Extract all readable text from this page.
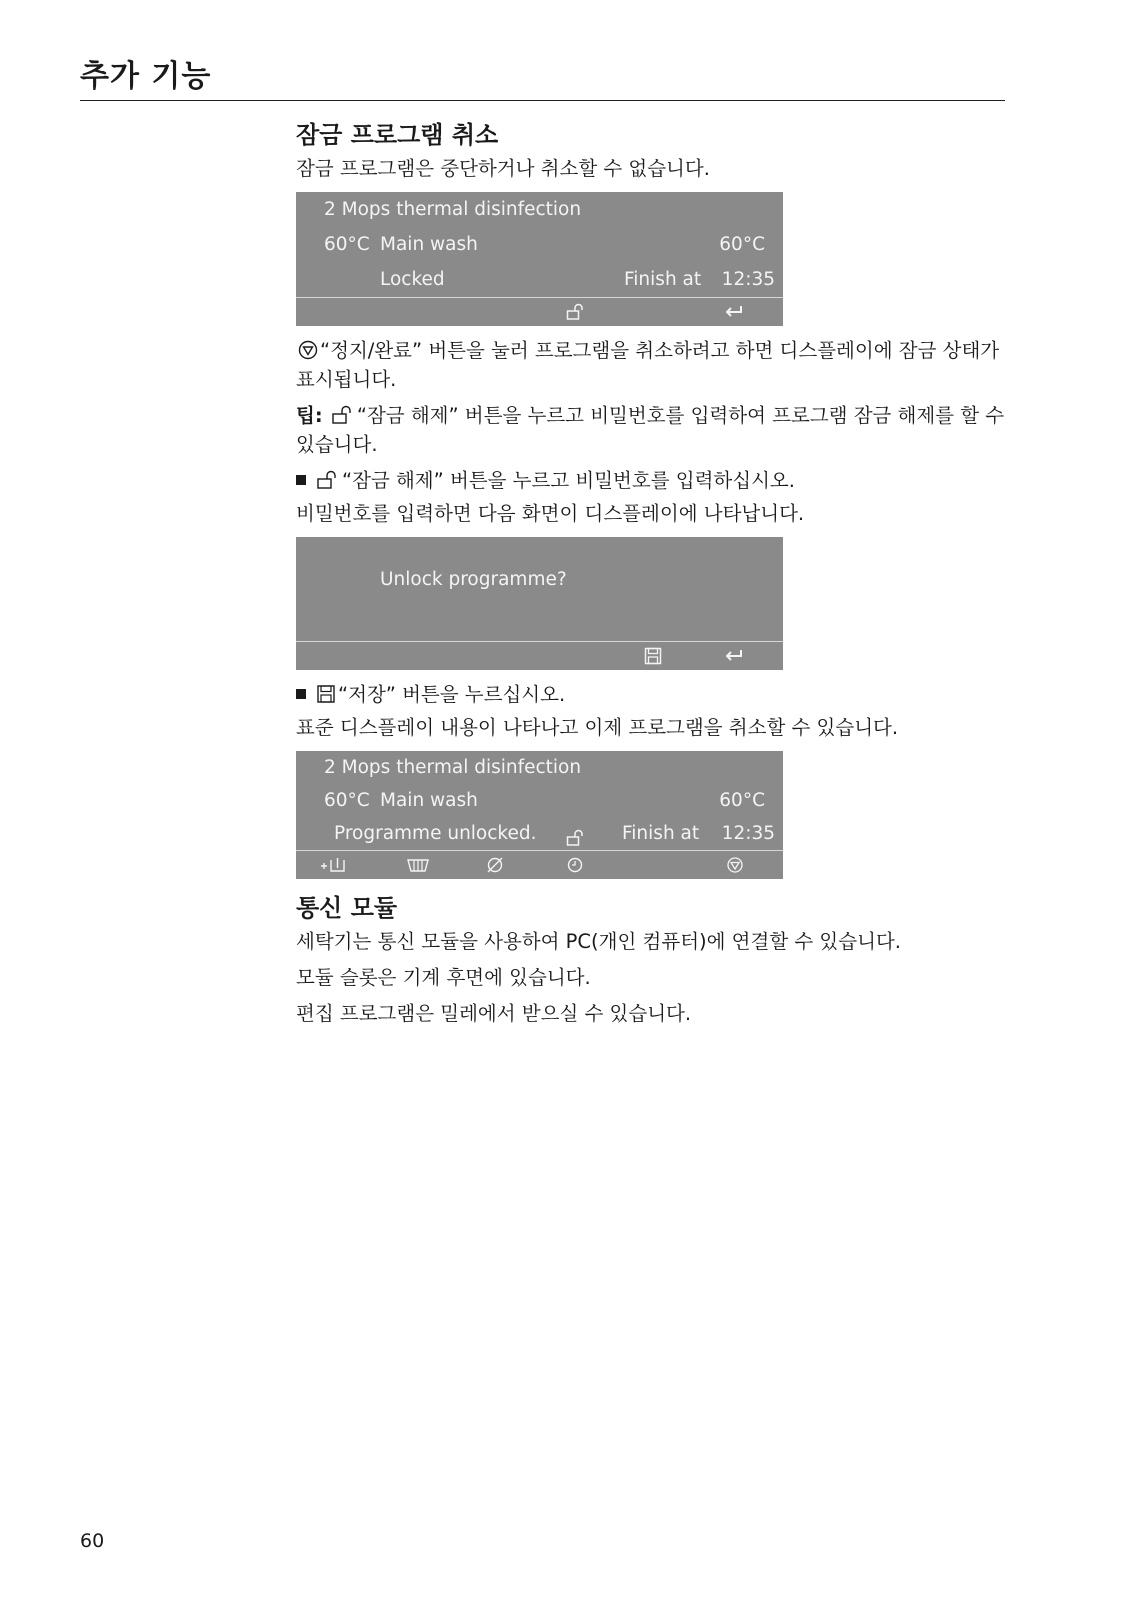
추가 기능
잠금 프로그램 취소

잠금 프로그램은 중단하거나 취소할 수 없습니다.

2 Mops thermal disinfection
60°C Main wash	60°C
Locked	Finish at 12:35

“정지/완료” 버튼을 눌러 프로그램을 취소하려고 하면 디스플레이에 잠금 상태가 표시됩니다.

팁: “잠금 해제” 버튼을 누르고 비밀번호를 입력하여 프로그램 잠금 해제를 할 수 있습니다.

“잠금 해제” 버튼을 누르고 비밀번호를 입력하십시오.

비밀번호를 입력하면 다음 화면이 디스플레이에 나타납니다.

Unlock programme?

“저장” 버튼을 누르십시오.

표준 디스플레이 내용이 나타나고 이제 프로그램을 취소할 수 있습니다.

2 Mops thermal disinfection
60°C Main wash	60°C
Programme unlocked.	Finish at 12:35
통신 모듈

세탁기는 통신 모듈을 사용하여 PC(개인 컴퓨터)에 연결할 수 있습니다.

모듈 슬롯은 기계 후면에 있습니다.

편집 프로그램은 밀레에서 받으실 수 있습니다.

60
